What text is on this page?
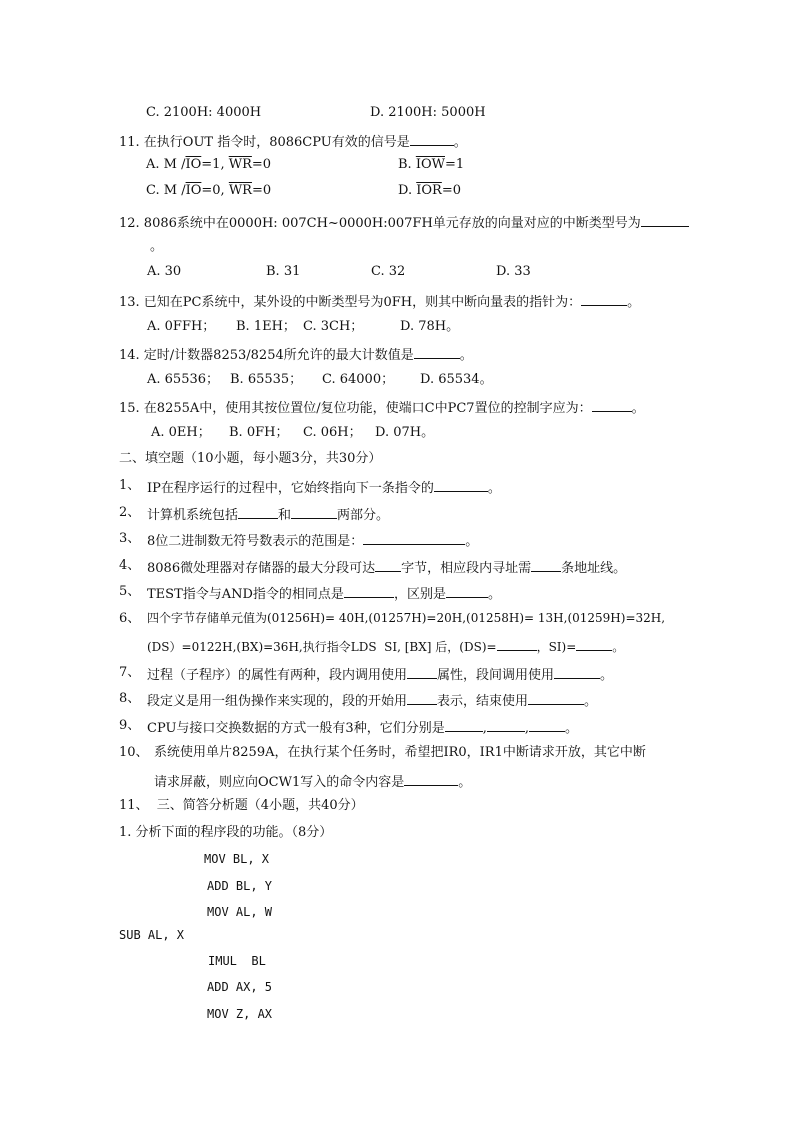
C. 2100H: 4000H	D. 2100H: 5000H
11. 在执行OUT 指令时，8086CPU有效的信号是	。
A. M $/\overline{IO}=1$, $\overline{WR}=0$	B. $\overline{IOW}=1$
C. M $/\overline{IO}=0$, $\overline{WR}=0$	D. $\overline{IOR}=0$
12. 8086系统中在0000H: 007CH~0000H:007FH单元存放的向量对应的中断类型号为
。
A. 30	B. 31	C. 32	D. 33
13. 已知在PC系统中，某外设的中断类型号为0FH，则其中断向量表的指针为：	。
A. 0FFH； B. 1EH； C. 3CH；	D. 78H。
14. 定时/计数器8253/8254所允许的最大计数值是	。
A. 65536； B. 65535； C. 64000； D. 65534。
15. 在8255A中，使用其按位置位/复位功能，使端口C中PC7置位的控制字应为：	。
A. 0EH； B. 0FH； C. 06H； D. 07H。
二、填空题（10小题，每小题3分，共30分）
1、 IP在程序运行的过程中，它始终指向下一条指令的	。
2、 计算机系统包括	和	两部分。
3、 8位二进制数无符号数表示的范围是：	。
4、 8086微处理器对存储器的最大分段可达 字节，相应段内寻址需 条地址线。
5、 TEST指令与AND指令的相同点是	，区别是	。
6、 四个字节存储单元值为(01256H)= 40H,(01257H)=20H,(01258H)= 13H,(01259H)=32H,
(DS）=0122H,(BX)=36H,执行指令LDS  SI, [BX] 后，(DS)=	，SI)=	。
7、 过程（子程序）的属性有两种，段内调用使用 属性，段间调用使用	。
8、 段定义是用一组伪操作来实现的，段的开始用 表示，结束使用	。
9、 CPU与接口交换数据的方式一般有3种，它们分别是	,	,	。
10、 系统使用单片8259A，在执行某个任务时，希望把IR0，IR1中断请求开放，其它中断
请求屏蔽，则应向OCW1写入的命令内容是	。
11、  三、简答分析题（4小题，共40分）
1. 分析下面的程序段的功能。（8分）
MOV BL, X
ADD BL, Y
MOV AL, W
SUB AL, X
IMUL  BL
ADD AX, 5
MOV Z, AX
